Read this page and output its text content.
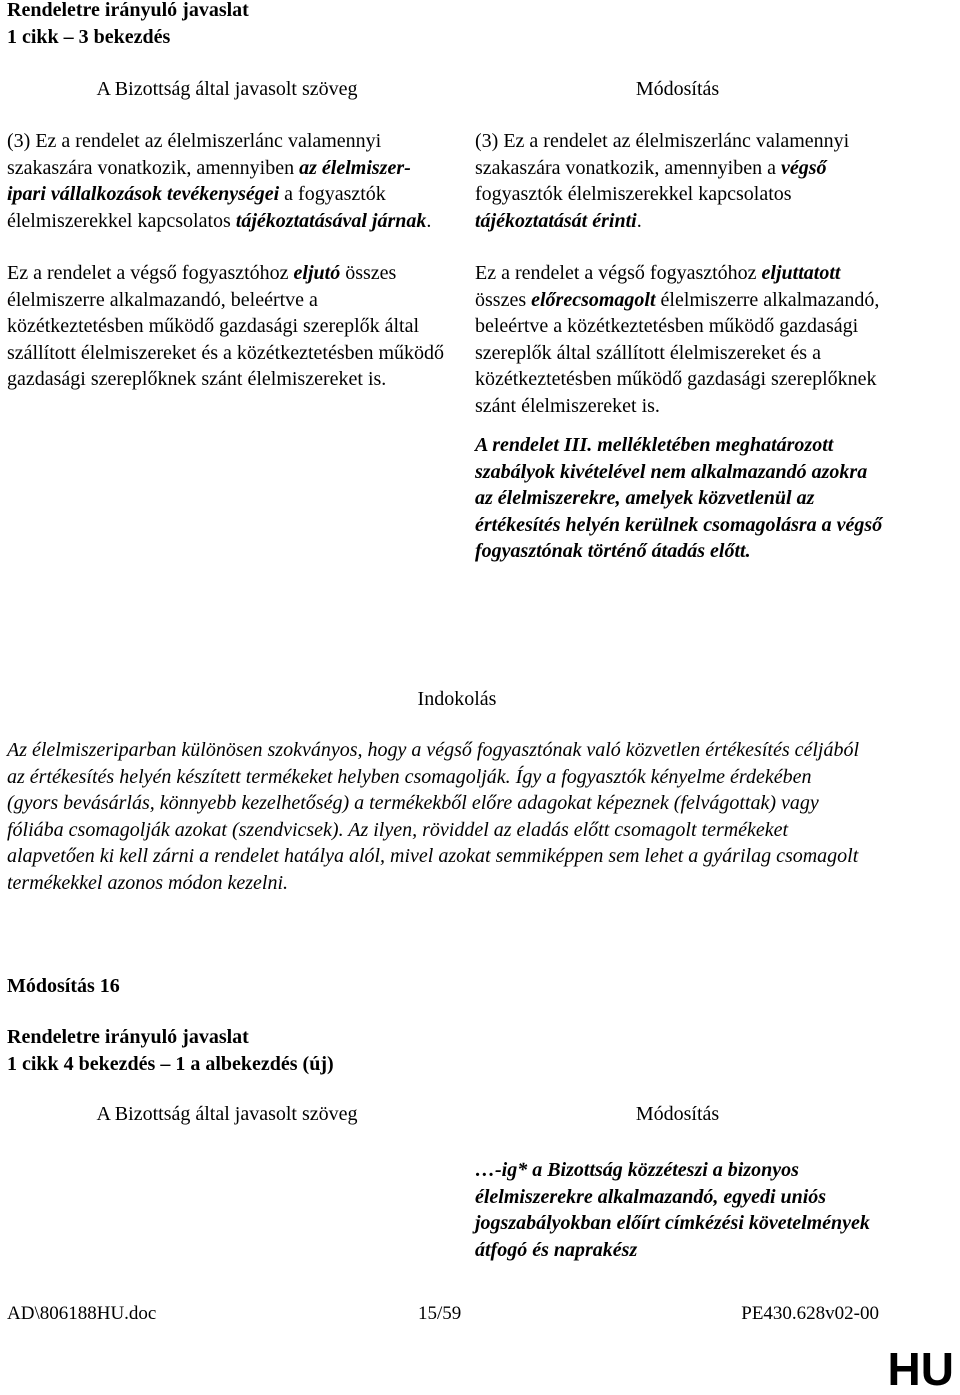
Rendeletre irányuló javaslat

1 cikk – 3 bekezdés

A Bizottság által javasolt szöveg	Módosítás

(3) Ez a rendelet az élelmiszerlánc valamennyi szakaszára vonatkozik, amennyiben az élelmiszer-ipari vállalkozások tevékenységei a fogyasztók élelmiszerekkel kapcsolatos tájékoztatásával járnak.

Ez a rendelet a végső fogyasztóhoz eljutó összes élelmiszerre alkalmazandó, beleértve a közétkeztetésben működő gazdasági szereplők által szállított élelmiszereket és a közétkeztetésben működő gazdasági szereplőknek szánt élelmiszereket is.

(3) Ez a rendelet az élelmiszerlánc valamennyi szakaszára vonatkozik, amennyiben a végső fogyasztók élelmiszerekkel kapcsolatos tájékoztatását érinti.

Ez a rendelet a végső fogyasztóhoz eljuttatott összes előrecsomagolt élelmiszerre alkalmazandó, beleértve a közétkeztetésben működő gazdasági szereplők által szállított élelmiszereket és a közétkeztetésben működő gazdasági szereplőknek szánt élelmiszereket is.

A rendelet III. mellékletében meghatározott szabályok kivételével nem alkalmazandó azokra az élelmiszerekre, amelyek közvetlenül az értékesítés helyén kerülnek csomagolásra a végső fogyasztónak történő átadás előtt.

Indokolás
Az élelmiszeriparban különösen szokványos, hogy a végső fogyasztónak való közvetlen értékesítés céljából az értékesítés helyén készített termékeket helyben csomagolják. Így a fogyasztók kényelme érdekében (gyors bevásárlás, könnyebb kezelhetőség) a termékekből előre adagokat képeznek (felvágottak) vagy fóliába csomagolják azokat (szendvicsek). Az ilyen, röviddel az eladás előtt csomagolt termékeket alapvetően ki kell zárni a rendelet hatálya alól, mivel azokat semmiképpen sem lehet a gyárilag csomagolt termékekkel azonos módon kezelni.
Módosítás 16

Rendeletre irányuló javaslat

1 cikk 4 bekezdés – 1 a albekezdés (új)

A Bizottság által javasolt szöveg	Módosítás
…-ig* a Bizottság közzéteszi a bizonyos élelmiszerekre alkalmazandó, egyedi uniós jogszabályokban előírt címkézési követelmények átfogó és naprakész
AD\806188HU.doc	15/59	PE430.628v02-00
HU
